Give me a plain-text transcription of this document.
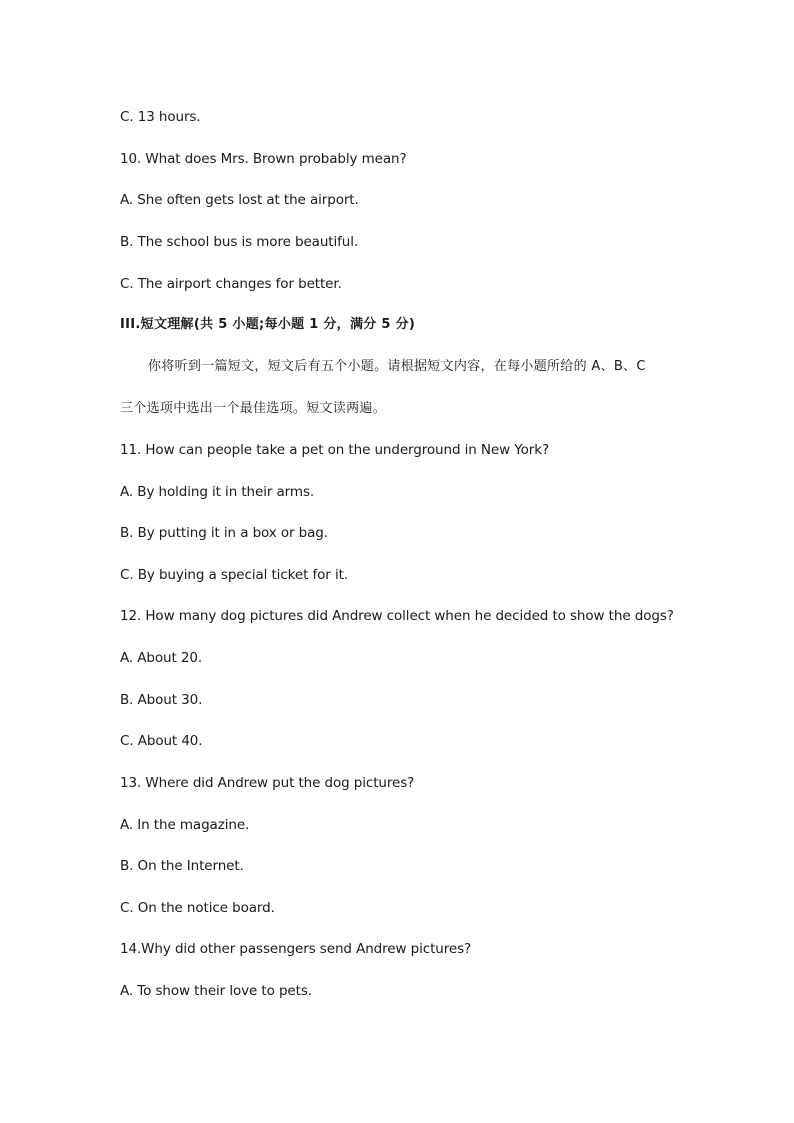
C. 13 hours.
10. What does Mrs. Brown probably mean?
A. She often gets lost at the airport.
B. The school bus is more beautiful.
C. The airport changes for better.
III.短文理解(共 5 小题;每小题 1 分，满分 5 分)
你将听到一篇短文，短文后有五个小题。请根据短文内容，在每小题所给的 A、B、C
三个选项中选出一个最佳选项。短文读两遍。
11. How can people take a pet on the underground in New York?
A. By holding it in their arms.
B. By putting it in a box or bag.
C. By buying a special ticket for it.
12. How many dog pictures did Andrew collect when he decided to show the dogs?
A. About 20.
B. About 30.
C. About 40.
13. Where did Andrew put the dog pictures?
A. In the magazine.
B. On the Internet.
C. On the notice board.
14.Why did other passengers send Andrew pictures?
A. To show their love to pets.
